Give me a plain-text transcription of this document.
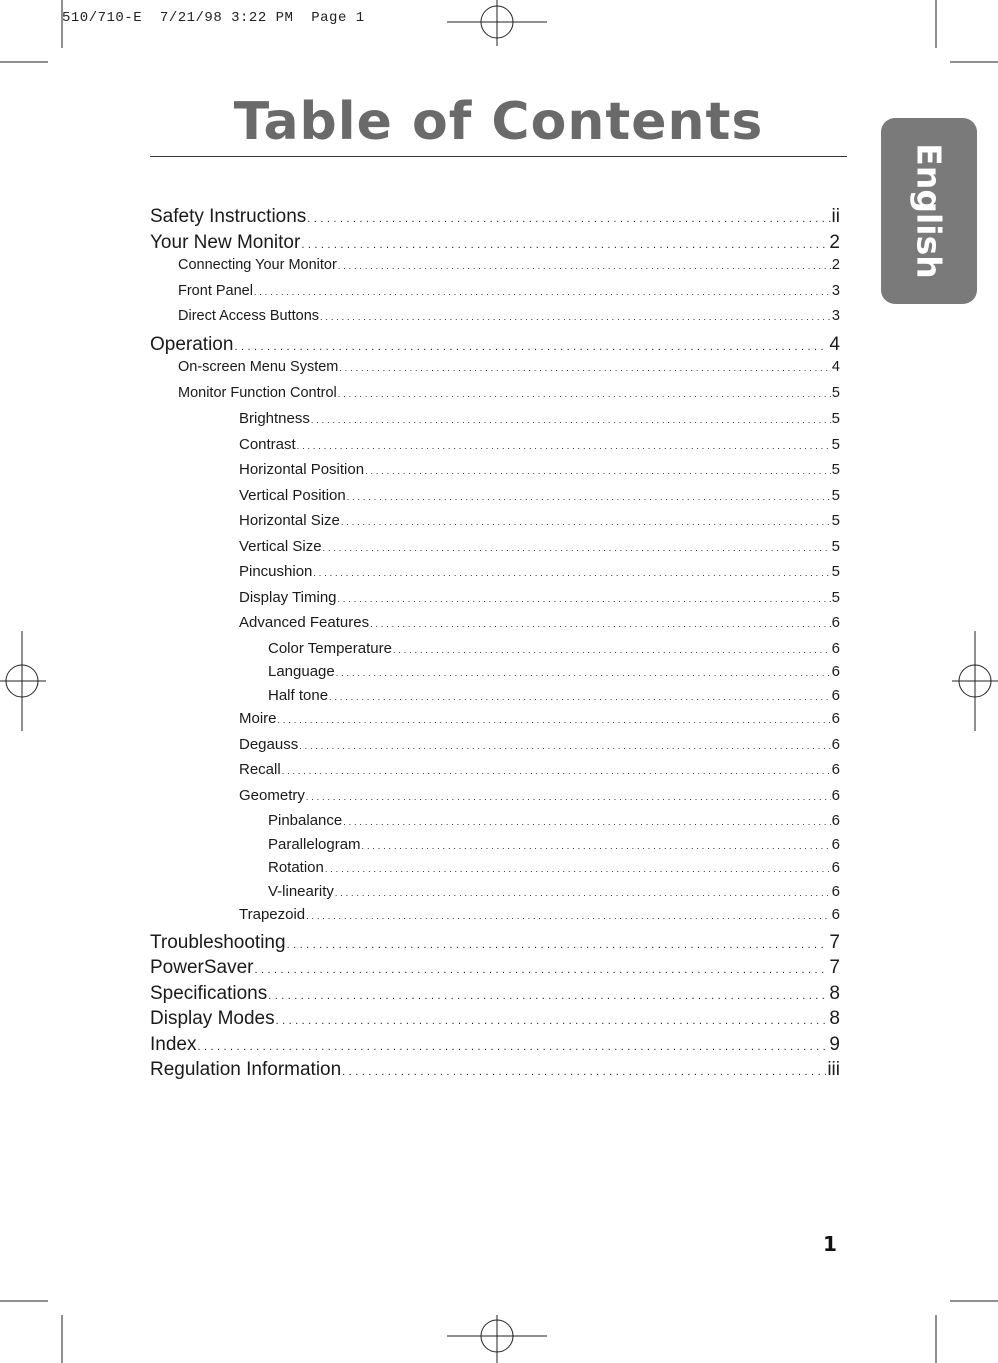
510/710-E  7/21/98 3:22 PM  Page 1
Table of Contents
English
Safety Instructions . . .	ii
Your New Monitor . . .	2
Connecting Your Monitor . . .	2
Front Panel . . .	3
Direct Access Buttons . . .	3
Operation . . .	4
On-screen Menu System . . .	4
Monitor Function Control . . .	5
Brightness . . .	5
Contrast . . .	5
Horizontal Position . . .	5
Vertical Position . . .	5
Horizontal Size . . .	5
Vertical Size . . .	5
Pincushion . . .	5
Display Timing . . .	5
Advanced Features . . .	6
Color Temperature . . .	6
Language . . .	6
Half tone . . .	6
Moire . . .	6
Degauss . . .	6
Recall . . .	6
Geometry . . .	6
Pinbalance . . .	6
Parallelogram . . .	6
Rotation . . .	6
V-linearity . . .	6
Trapezoid . . .	6
Troubleshooting . . .	7
PowerSaver . . .	7
Specifications . . .	8
Display Modes . . .	8
Index . . .	9
Regulation Information . . .	iii
1
